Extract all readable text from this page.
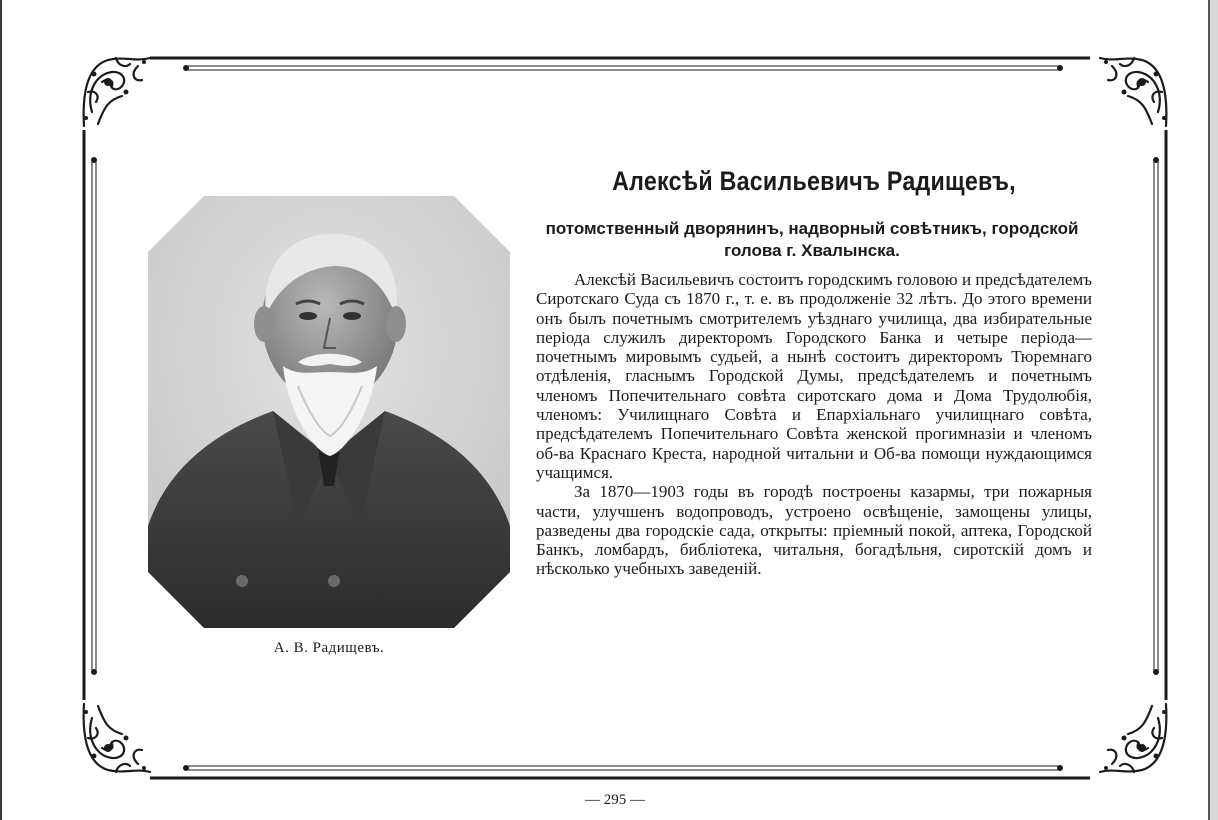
А. В. Радищевъ.
Алексѣй Васильевичъ Радищевъ,
потомственный дворянинъ, надворный совѣтникъ, городской
голова г. Хвалынска.

Алексѣй Васильевичъ состоитъ городскимъ головою и предсѣдателемъ Сиротскаго Суда съ 1870 г., т. е. въ продолженіе 32 лѣтъ. До этого времени онъ былъ почетнымъ смотрителемъ уѣзднаго училища, два избирательные періода служилъ директоромъ Городского Банка и четыре періода—почетнымъ мировымъ судьей, а нынѣ состоитъ директоромъ Тюремнаго отдѣленія, гласнымъ Городской Думы, предсѣдателемъ и почетнымъ членомъ Попечительнаго совѣта сиротскаго дома и Дома Трудолюбія, членомъ: Училищнаго Совѣта и Епархіальнаго училищнаго совѣта, предсѣдателемъ Попечительнаго Совѣта женской прогимназіи и членомъ об-ва Краснаго Креста, народной читальни и Об-ва помощи нуждающимся учащимся.

За 1870—1903 годы въ городѣ построены казармы, три пожарныя части, улучшенъ водопроводъ, устроено освѣщеніе, замощены улицы, разведены два городскіе сада, открыты: пріемный покой, аптека, Городской Банкъ, ломбардъ, библіотека, читальня, богадѣльня, сиротскій домъ и нѣсколько учебныхъ заведеній.

— 295 —
